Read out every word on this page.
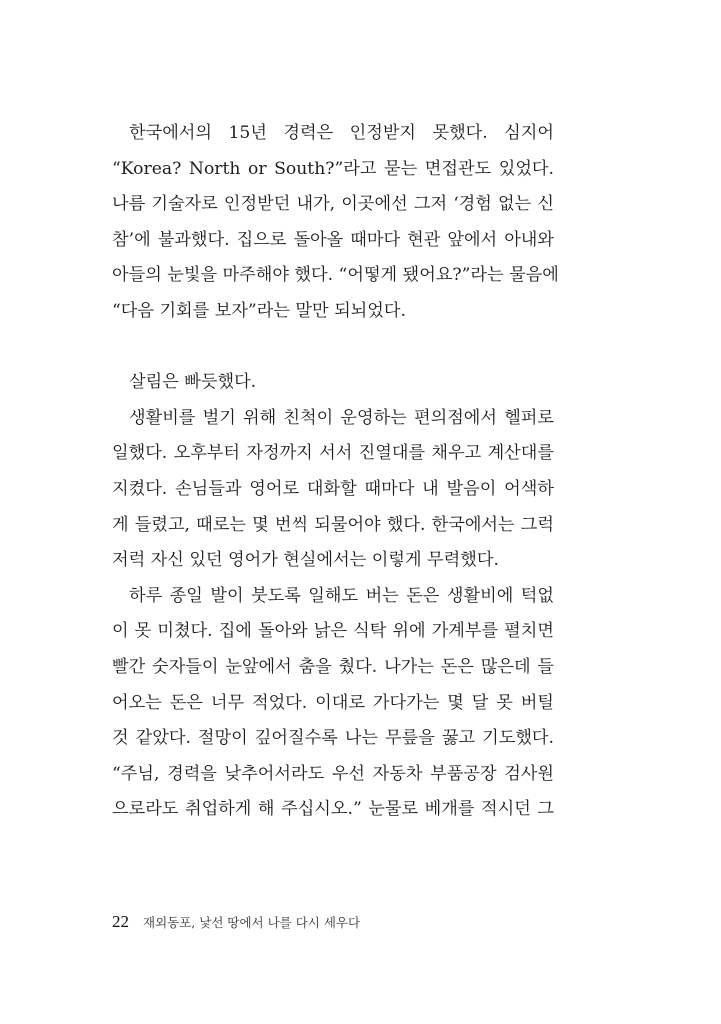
한국에서의 15년 경력은 인정받지 못했다. 심지어
“Korea? North or South?”라고 묻는 면접관도 있었다.
나름 기술자로 인정받던 내가, 이곳에선 그저 ‘경험 없는 신
참’에 불과했다. 집으로 돌아올 때마다 현관 앞에서 아내와
아들의 눈빛을 마주해야 했다. “어떻게 됐어요?”라는 물음에
“다음 기회를 보자”라는 말만 되뇌었다.
살림은 빠듯했다.
생활비를 벌기 위해 친척이 운영하는 편의점에서 헬퍼로
일했다. 오후부터 자정까지 서서 진열대를 채우고 계산대를
지켰다. 손님들과 영어로 대화할 때마다 내 발음이 어색하
게 들렸고, 때로는 몇 번씩 되물어야 했다. 한국에서는 그럭
저럭 자신 있던 영어가 현실에서는 이렇게 무력했다.
하루 종일 발이 붓도록 일해도 버는 돈은 생활비에 턱없
이 못 미쳤다. 집에 돌아와 낡은 식탁 위에 가계부를 펼치면
빨간 숫자들이 눈앞에서 춤을 췄다. 나가는 돈은 많은데 들
어오는 돈은 너무 적었다. 이대로 가다가는 몇 달 못 버틸
것 같았다. 절망이 깊어질수록 나는 무릎을 꿇고 기도했다.
“주님, 경력을 낮추어서라도 우선 자동차 부품공장 검사원
으로라도 취업하게 해 주십시오.” 눈물로 베개를 적시던 그
22 재외동포, 낯선 땅에서 나를 다시 세우다
